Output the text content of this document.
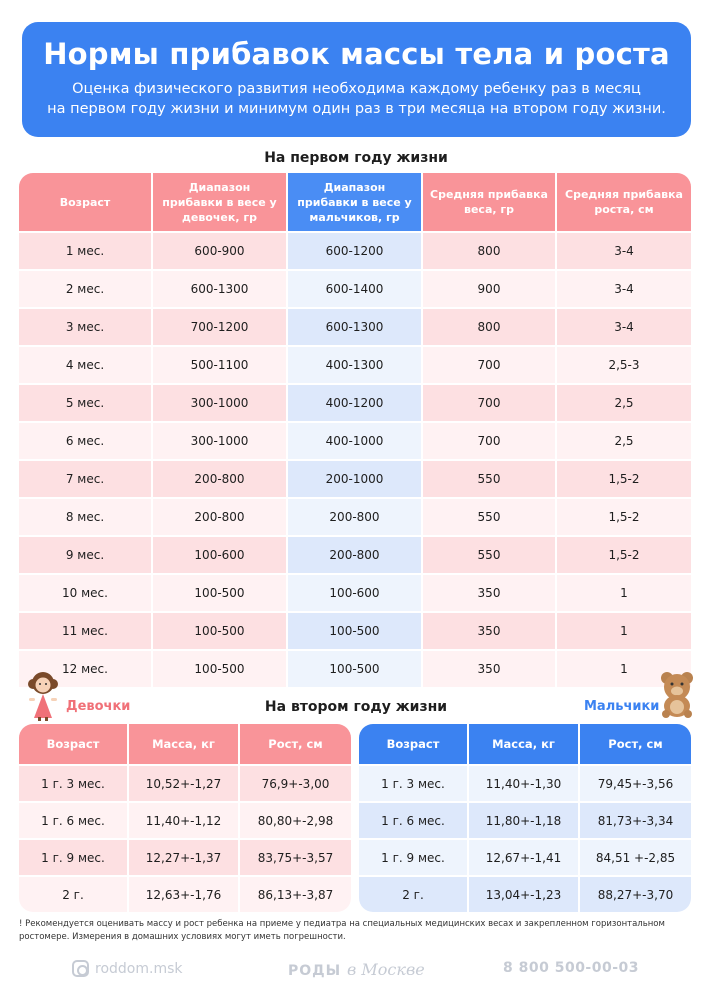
Нормы прибавок массы тела и роста

Оценка физического развития необходима каждому ребенку раз в месяц
на первом году жизни и минимум один раз в три месяца на втором году жизни.

На первом году жизни
Возраст	Диапазон прибавки в весе у девочек, гр	Диапазон прибавки в весе у мальчиков, гр	Средняя прибавка веса, гр	Средняя прибавка роста, см
1 мес.	600-900	600-1200	800	3-4
2 мес.	600-1300	600-1400	900	3-4
3 мес.	700-1200	600-1300	800	3-4
4 мес.	500-1100	400-1300	700	2,5-3
5 мес.	300-1000	400-1200	700	2,5
6 мес.	300-1000	400-1000	700	2,5
7 мес.	200-800	200-1000	550	1,5-2
8 мес.	200-800	200-800	550	1,5-2
9 мес.	100-600	200-800	550	1,5-2
10 мес.	100-500	100-600	350	1
11 мес.	100-500	100-500	350	1
12 мес.	100-500	100-500	350	1
Девочки	На втором году жизни	Мальчики
Возраст	Масса, кг	Рост, см
1 г. 3 мес.	10,52+-1,27	76,9+-3,00
1 г. 6 мес.	11,40+-1,12	80,80+-2,98
1 г. 9 мес.	12,27+-1,37	83,75+-3,57
2 г.	12,63+-1,76	86,13+-3,87
Возраст	Масса, кг	Рост, см
1 г. 3 мес.	11,40+-1,30	79,45+-3,56
1 г. 6 мес.	11,80+-1,18	81,73+-3,34
1 г. 9 мес.	12,67+-1,41	84,51 +-2,85
2 г.	13,04+-1,23	88,27+-3,70
! Рекомендуется оценивать массу и рост ребенка на приеме у педиатра на специальных медицинских весах и закрепленном горизонтальном ростомере. Измерения в домашних условиях могут иметь погрешности.
roddom.msk	РОДЫ в Москве	8 800 500-00-03
